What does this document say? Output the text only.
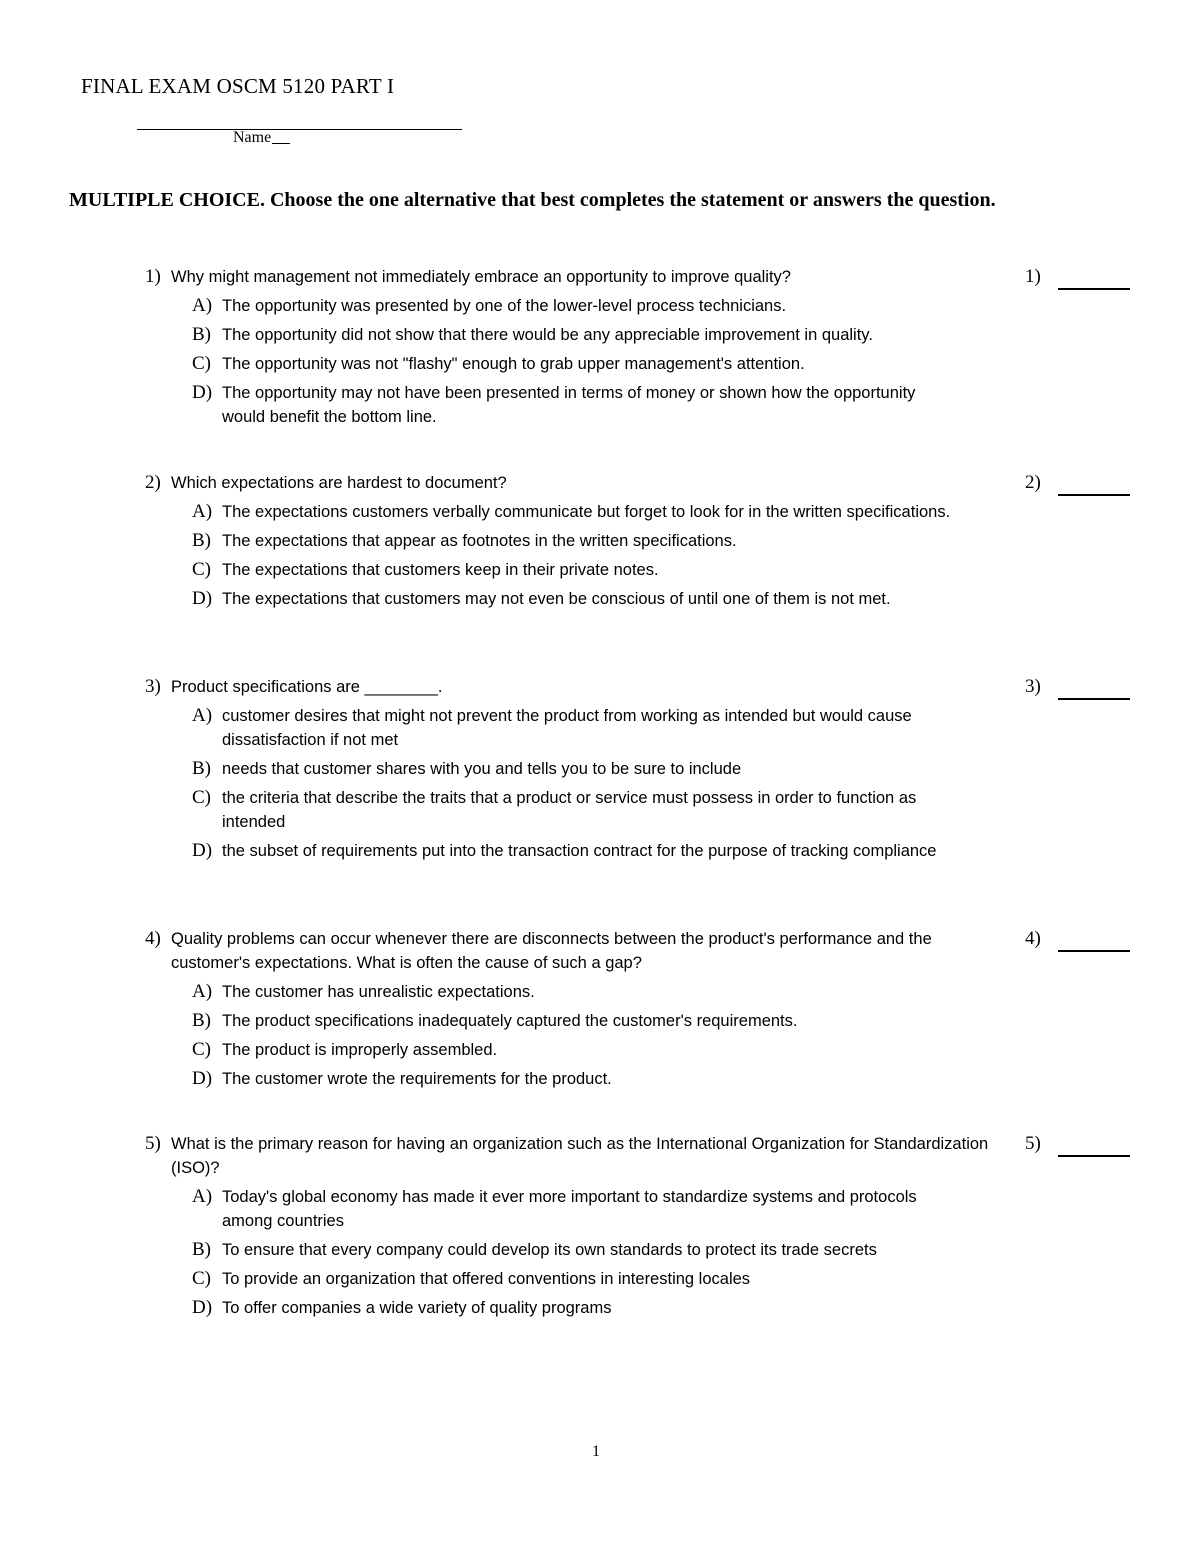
FINAL EXAM OSCM 5120 PART I
Name
MULTIPLE CHOICE. Choose the one alternative that best completes the statement or answers the question.
1) Why might management not immediately embrace an opportunity to improve quality?
A) The opportunity was presented by one of the lower-level process technicians.
B) The opportunity did not show that there would be any appreciable improvement in quality.
C) The opportunity was not "flashy" enough to grab upper management's attention.
D) The opportunity may not have been presented in terms of money or shown how the opportunity would benefit the bottom line.
1)
2) Which expectations are hardest to document?
A) The expectations customers verbally communicate but forget to look for in the written specifications.
B) The expectations that appear as footnotes in the written specifications.
C) The expectations that customers keep in their private notes.
D) The expectations that customers may not even be conscious of until one of them is not met.
2)
3) Product specifications are ________.
A) customer desires that might not prevent the product from working as intended but would cause dissatisfaction if not met
B) needs that customer shares with you and tells you to be sure to include
C) the criteria that describe the traits that a product or service must possess in order to function as intended
D) the subset of requirements put into the transaction contract for the purpose of tracking compliance
3)
4) Quality problems can occur whenever there are disconnects between the product's performance and the customer's expectations. What is often the cause of such a gap?
A) The customer has unrealistic expectations.
B) The product specifications inadequately captured the customer's requirements.
C) The product is improperly assembled.
D) The customer wrote the requirements for the product.
4)
5) What is the primary reason for having an organization such as the International Organization for Standardization (ISO)?
A) Today's global economy has made it ever more important to standardize systems and protocols among countries
B) To ensure that every company could develop its own standards to protect its trade secrets
C) To provide an organization that offered conventions in interesting locales
D) To offer companies a wide variety of quality programs
5)
1
